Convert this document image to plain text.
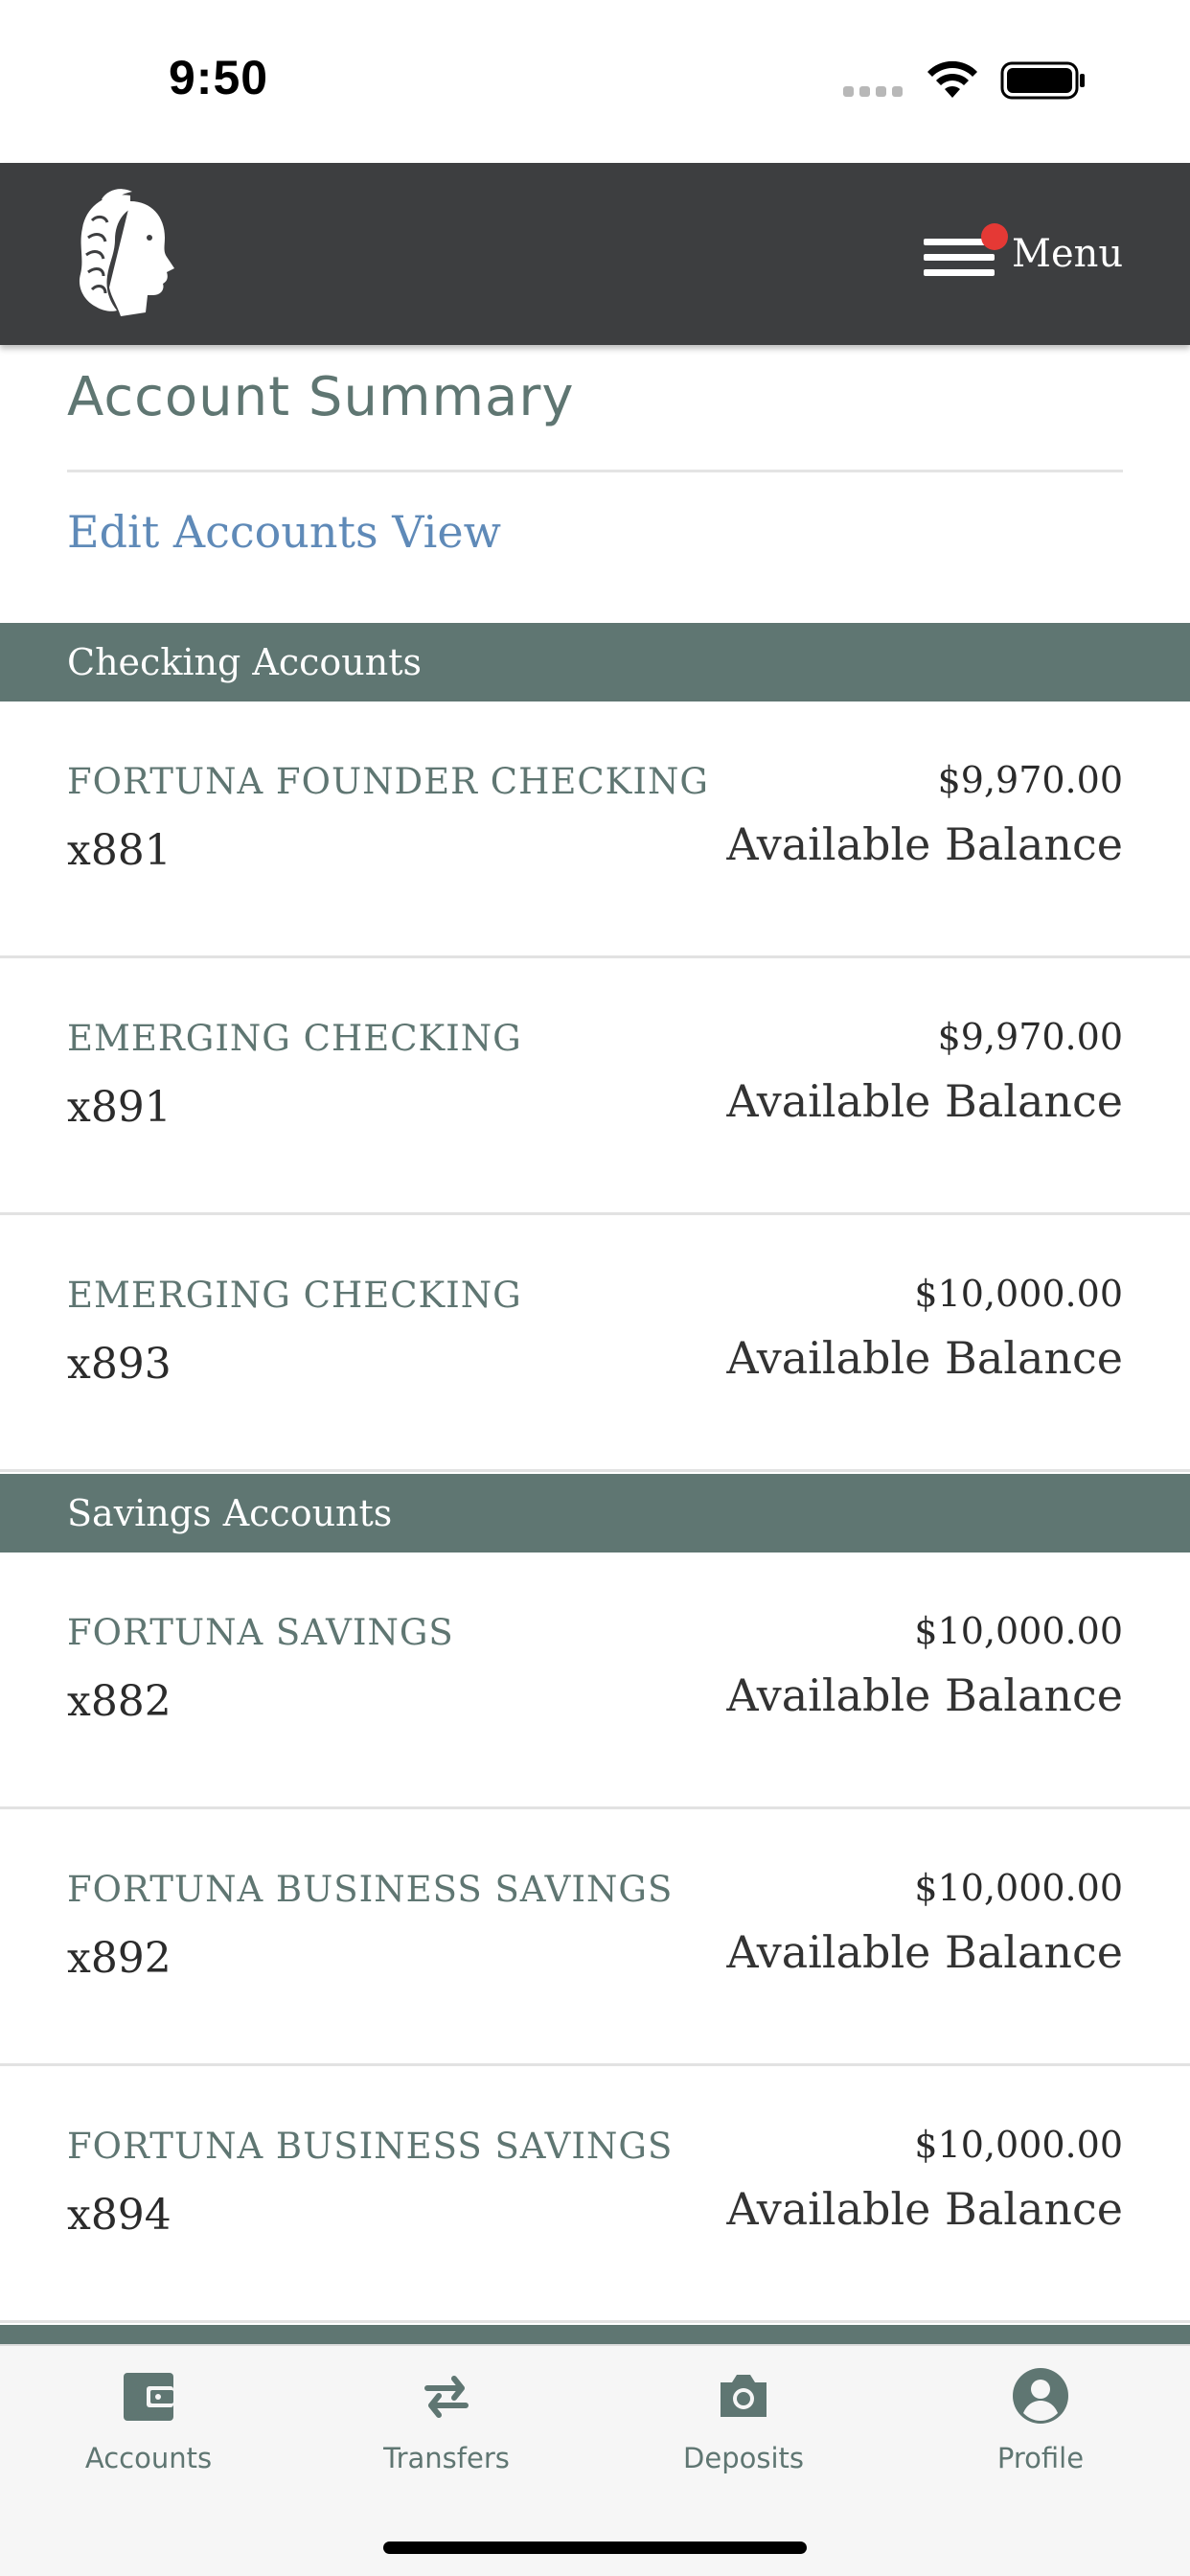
9:50
Menu
Account Summary
Edit Accounts View
Checking Accounts
FORTUNA FOUNDER CHECKING
x881
$9,970.00
Available Balance
EMERGING CHECKING
x891
$9,970.00
Available Balance
EMERGING CHECKING
x893
$10,000.00
Available Balance
Savings Accounts
FORTUNA SAVINGS
x882
$10,000.00
Available Balance
FORTUNA BUSINESS SAVINGS
x892
$10,000.00
Available Balance
FORTUNA BUSINESS SAVINGS
x894
$10,000.00
Available Balance
Accounts	Transfers	Deposits	Profile
